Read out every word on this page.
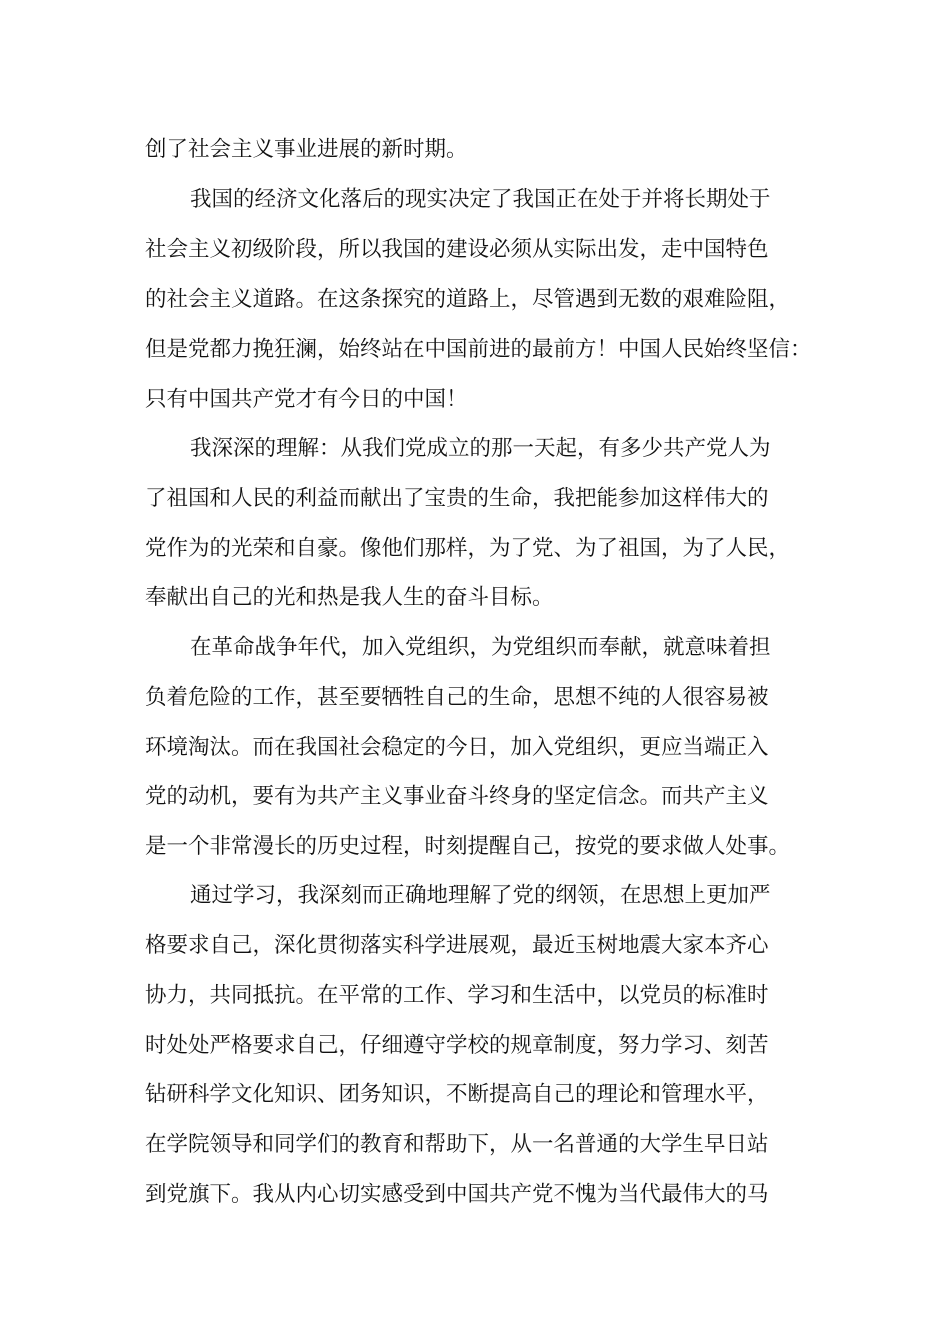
创了社会主义事业进展的新时期。
我国的经济文化落后的现实决定了我国正在处于并将长期处于
社会主义初级阶段，所以我国的建设必须从实际出发，走中国特色
的社会主义道路。在这条探究的道路上，尽管遇到无数的艰难险阻，
但是党都力挽狂澜，始终站在中国前进的最前方！中国人民始终坚信：
只有中国共产党才有今日的中国！
我深深的理解：从我们党成立的那一天起，有多少共产党人为
了祖国和人民的利益而献出了宝贵的生命，我把能参加这样伟大的
党作为的光荣和自豪。像他们那样，为了党、为了祖国，为了人民，
奉献出自己的光和热是我人生的奋斗目标。
在革命战争年代，加入党组织，为党组织而奉献，就意味着担
负着危险的工作，甚至要牺牲自己的生命，思想不纯的人很容易被
环境淘汰。而在我国社会稳定的今日，加入党组织，更应当端正入
党的动机，要有为共产主义事业奋斗终身的坚定信念。而共产主义
是一个非常漫长的历史过程，时刻提醒自己，按党的要求做人处事。
通过学习，我深刻而正确地理解了党的纲领，在思想上更加严
格要求自己，深化贯彻落实科学进展观，最近玉树地震大家本齐心
协力，共同抵抗。在平常的工作、学习和生活中，以党员的标准时
时处处严格要求自己，仔细遵守学校的规章制度，努力学习、刻苦
钻研科学文化知识、团务知识，不断提高自己的理论和管理水平，
在学院领导和同学们的教育和帮助下，从一名普通的大学生早日站
到党旗下。我从内心切实感受到中国共产党不愧为当代最伟大的马
